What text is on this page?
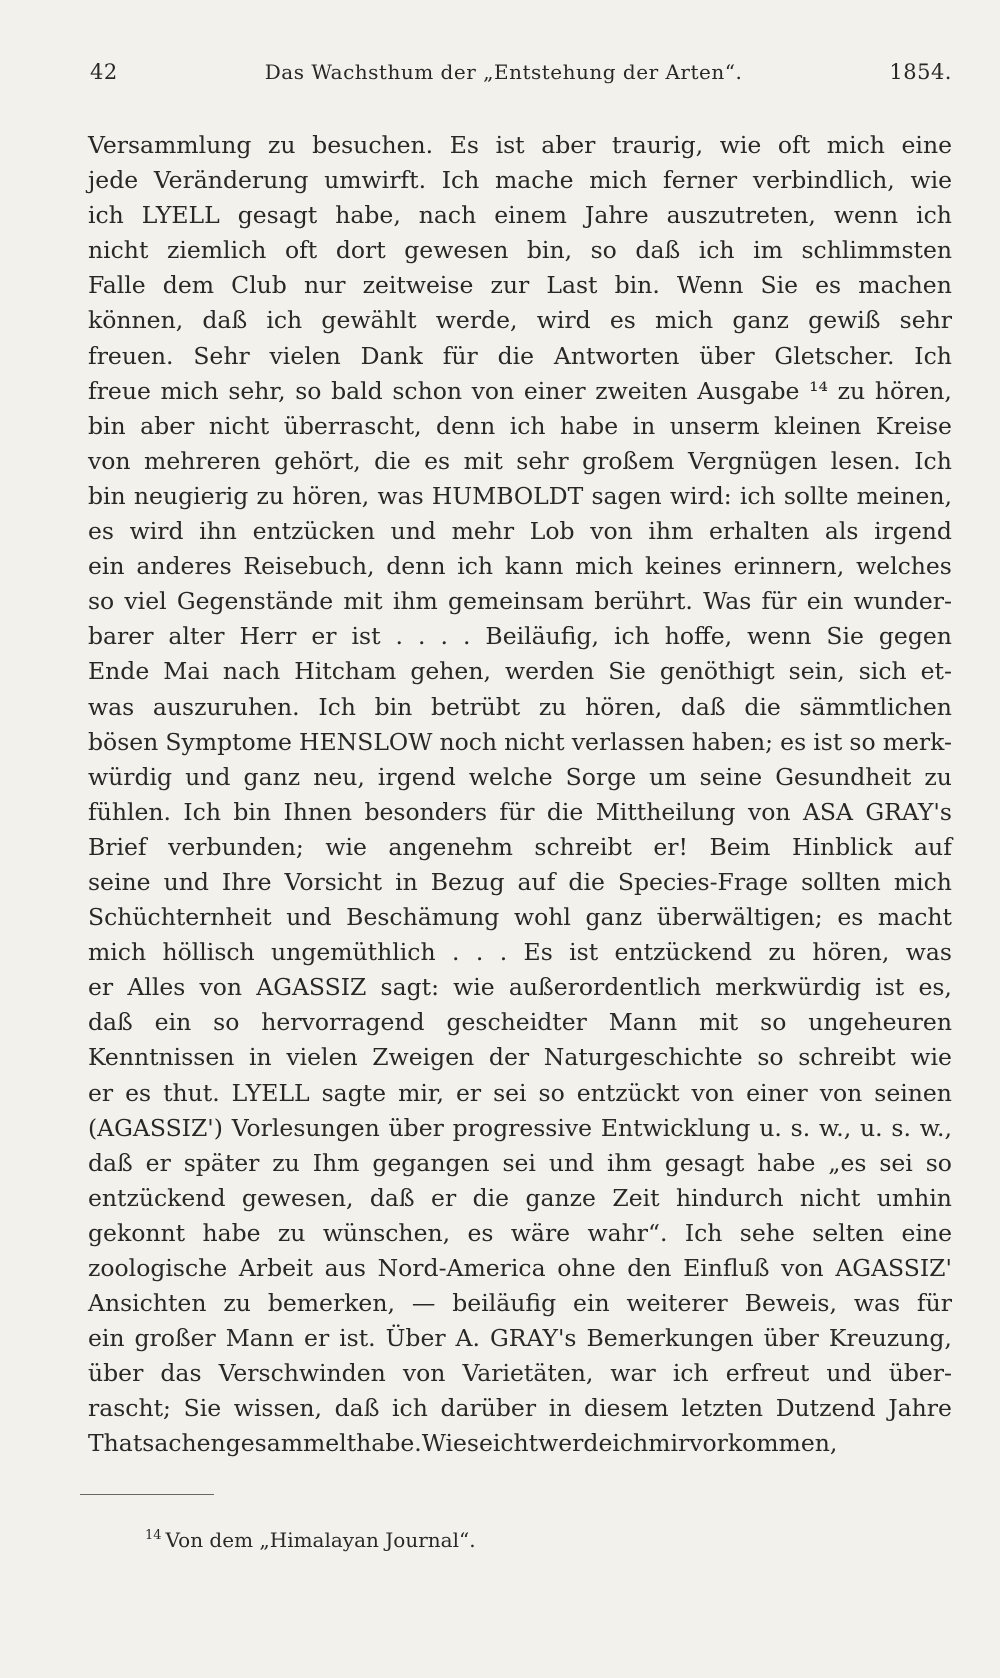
42	Das Wachsthum der „Entstehung der Arten“.	1854.
Versammlung zu besuchen. Es ist aber traurig, wie oft mich eine
jede Veränderung umwirft. Ich mache mich ferner verbindlich, wie
ich LYELL gesagt habe, nach einem Jahre auszutreten, wenn ich
nicht ziemlich oft dort gewesen bin, so daß ich im schlimmsten
Falle dem Club nur zeitweise zur Last bin. Wenn Sie es machen
können, daß ich gewählt werde, wird es mich ganz gewiß sehr
freuen. Sehr vielen Dank für die Antworten über Gletscher. Ich
freue mich sehr, so bald schon von einer zweiten Ausgabe ¹⁴ zu hören,
bin aber nicht überrascht, denn ich habe in unserm kleinen Kreise
von mehreren gehört, die es mit sehr großem Vergnügen lesen. Ich
bin neugierig zu hören, was HUMBOLDT sagen wird: ich sollte meinen,
es wird ihn entzücken und mehr Lob von ihm erhalten als irgend
ein anderes Reisebuch, denn ich kann mich keines erinnern, welches
so viel Gegenstände mit ihm gemeinsam berührt. Was für ein wunder-
barer alter Herr er ist . . . . Beiläufig, ich hoffe, wenn Sie gegen
Ende Mai nach Hitcham gehen, werden Sie genöthigt sein, sich et-
was auszuruhen. Ich bin betrübt zu hören, daß die sämmtlichen
bösen Symptome HENSLOW noch nicht verlassen haben; es ist so merk-
würdig und ganz neu, irgend welche Sorge um seine Gesundheit zu
fühlen. Ich bin Ihnen besonders für die Mittheilung von ASA GRAY's
Brief verbunden; wie angenehm schreibt er! Beim Hinblick auf
seine und Ihre Vorsicht in Bezug auf die Species-Frage sollten mich
Schüchternheit und Beschämung wohl ganz überwältigen; es macht
mich höllisch ungemüthlich . . . Es ist entzückend zu hören, was
er Alles von AGASSIZ sagt: wie außerordentlich merkwürdig ist es,
daß ein so hervorragend gescheidter Mann mit so ungeheuren
Kenntnissen in vielen Zweigen der Naturgeschichte so schreibt wie
er es thut. LYELL sagte mir, er sei so entzückt von einer von seinen
(AGASSIZ') Vorlesungen über progressive Entwicklung u. s. w., u. s. w.,
daß er später zu Ihm gegangen sei und ihm gesagt habe „es sei so
entzückend gewesen, daß er die ganze Zeit hindurch nicht umhin
gekonnt habe zu wünschen, es wäre wahr“. Ich sehe selten eine
zoologische Arbeit aus Nord-America ohne den Einfluß von AGASSIZ'
Ansichten zu bemerken, — beiläufig ein weiterer Beweis, was für
ein großer Mann er ist. Über A. GRAY's Bemerkungen über Kreuzung,
über das Verschwinden von Varietäten, war ich erfreut und über-
rascht; Sie wissen, daß ich darüber in diesem letzten Dutzend Jahre
Thatsachen gesammelt habe. Wie seicht werde ich mir vorkommen,
$^{14}$ Von dem „Himalayan Journal“.
